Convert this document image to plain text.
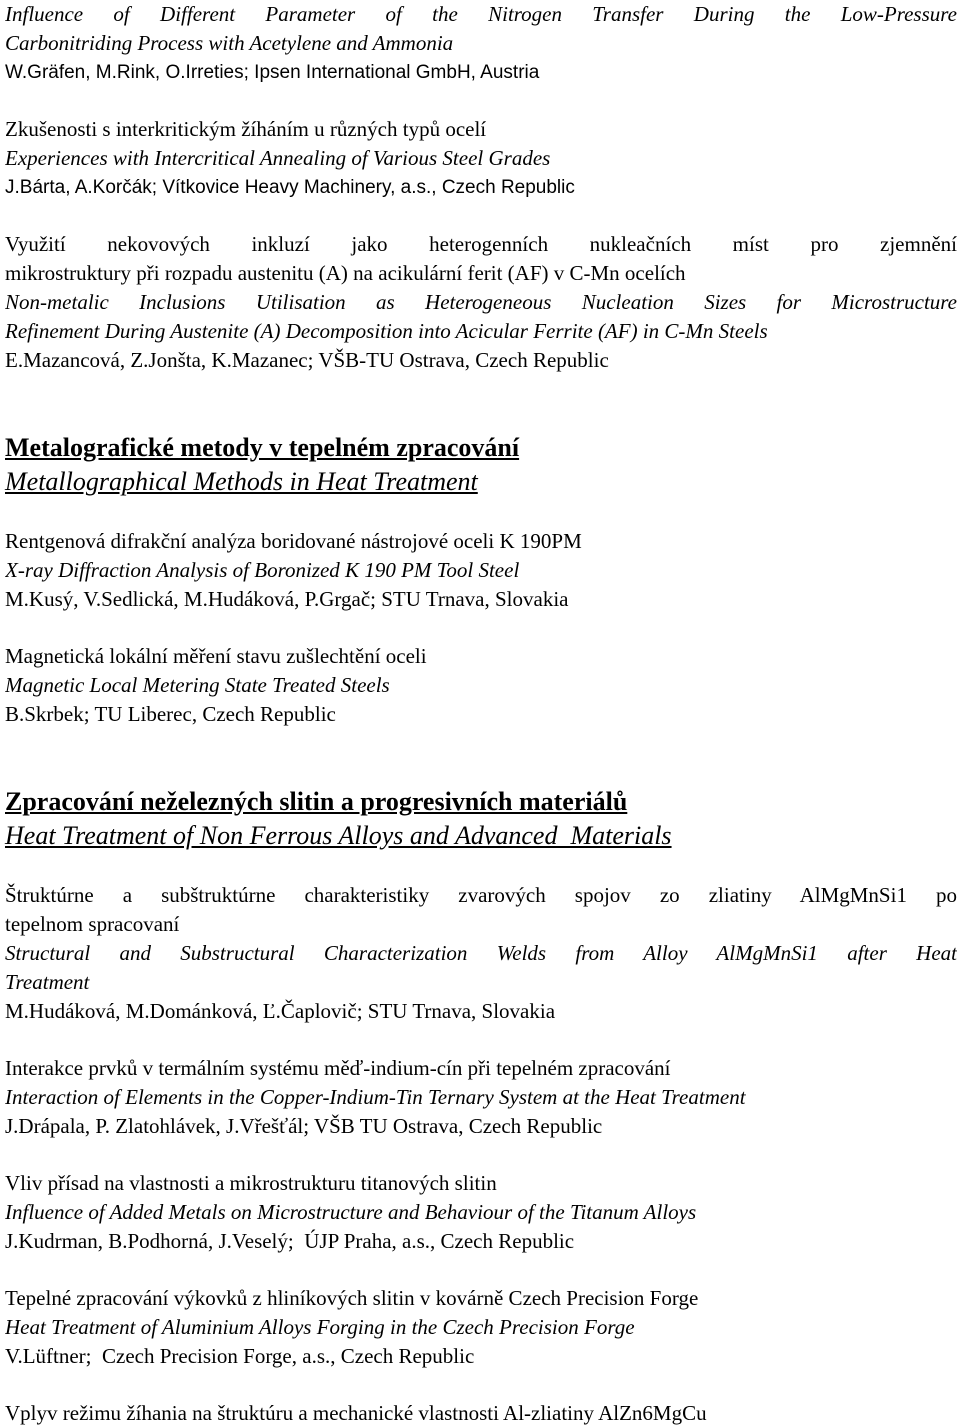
Influence of Different Parameter of the Nitrogen Transfer During the Low-Pressure
Carbonitriding Process with Acetylene and Ammonia
W.Gräfen, M.Rink, O.Irreties; Ipsen International GmbH, Austria
Zkušenosti s interkritickým žíháním u různých typů ocelí
Experiences with Intercritical Annealing of Various Steel Grades
J.Bárta, A.Korčák; Vítkovice Heavy Machinery, a.s., Czech Republic
Využití nekovových inkluzí jako heterogenních nukleačních míst pro zjemnění
mikrostruktury při rozpadu austenitu (A) na acikulární ferit (AF) v C-Mn ocelích
Non-metalic Inclusions Utilisation as Heterogeneous Nucleation Sizes for Microstructure
Refinement During Austenite (A) Decomposition into Acicular Ferrite (AF) in C-Mn Steels
E.Mazancová, Z.Jonšta, K.Mazanec; VŠB-TU Ostrava, Czech Republic
Metalografické metody v tepelném zpracování
Metallographical Methods in Heat Treatment
Rentgenová difrakční analýza boridované nástrojové oceli K 190PM
X-ray Diffraction Analysis of Boronized K 190 PM Tool Steel
M.Kusý, V.Sedlická, M.Hudáková, P.Grgač; STU Trnava, Slovakia
Magnetická lokální měření stavu zušlechtění oceli
Magnetic Local Metering State Treated Steels
B.Skrbek; TU Liberec, Czech Republic
Zpracování neželezných slitin a progresivních materiálů
Heat Treatment of Non Ferrous Alloys and Advanced  Materials
Štruktúrne a subštruktúrne charakteristiky zvarových spojov zo zliatiny AlMgMnSi1 po
tepelnom spracovaní
Structural and Substructural Characterization Welds from Alloy AlMgMnSi1 after Heat
Treatment
M.Hudáková, M.Dománková, Ľ.Čaplovič; STU Trnava, Slovakia
Interakce prvků v termálním systému měď-indium-cín při tepelném zpracování
Interaction of Elements in the Copper-Indium-Tin Ternary System at the Heat Treatment
J.Drápala, P. Zlatohlávek, J.Vřešťál; VŠB TU Ostrava, Czech Republic
Vliv přísad na vlastnosti a mikrostrukturu titanových slitin
Influence of Added Metals on Microstructure and Behaviour of the Titanum Alloys
J.Kudrman, B.Podhorná, J.Veselý;  ÚJP Praha, a.s., Czech Republic
Tepelné zpracování výkovků z hliníkových slitin v kovárně Czech Precision Forge
Heat Treatment of Aluminium Alloys Forging in the Czech Precision Forge
V.Lüftner;  Czech Precision Forge, a.s., Czech Republic
Vplyv režimu žíhania na štruktúru a mechanické vlastnosti Al-zliatiny AlZn6MgCu
